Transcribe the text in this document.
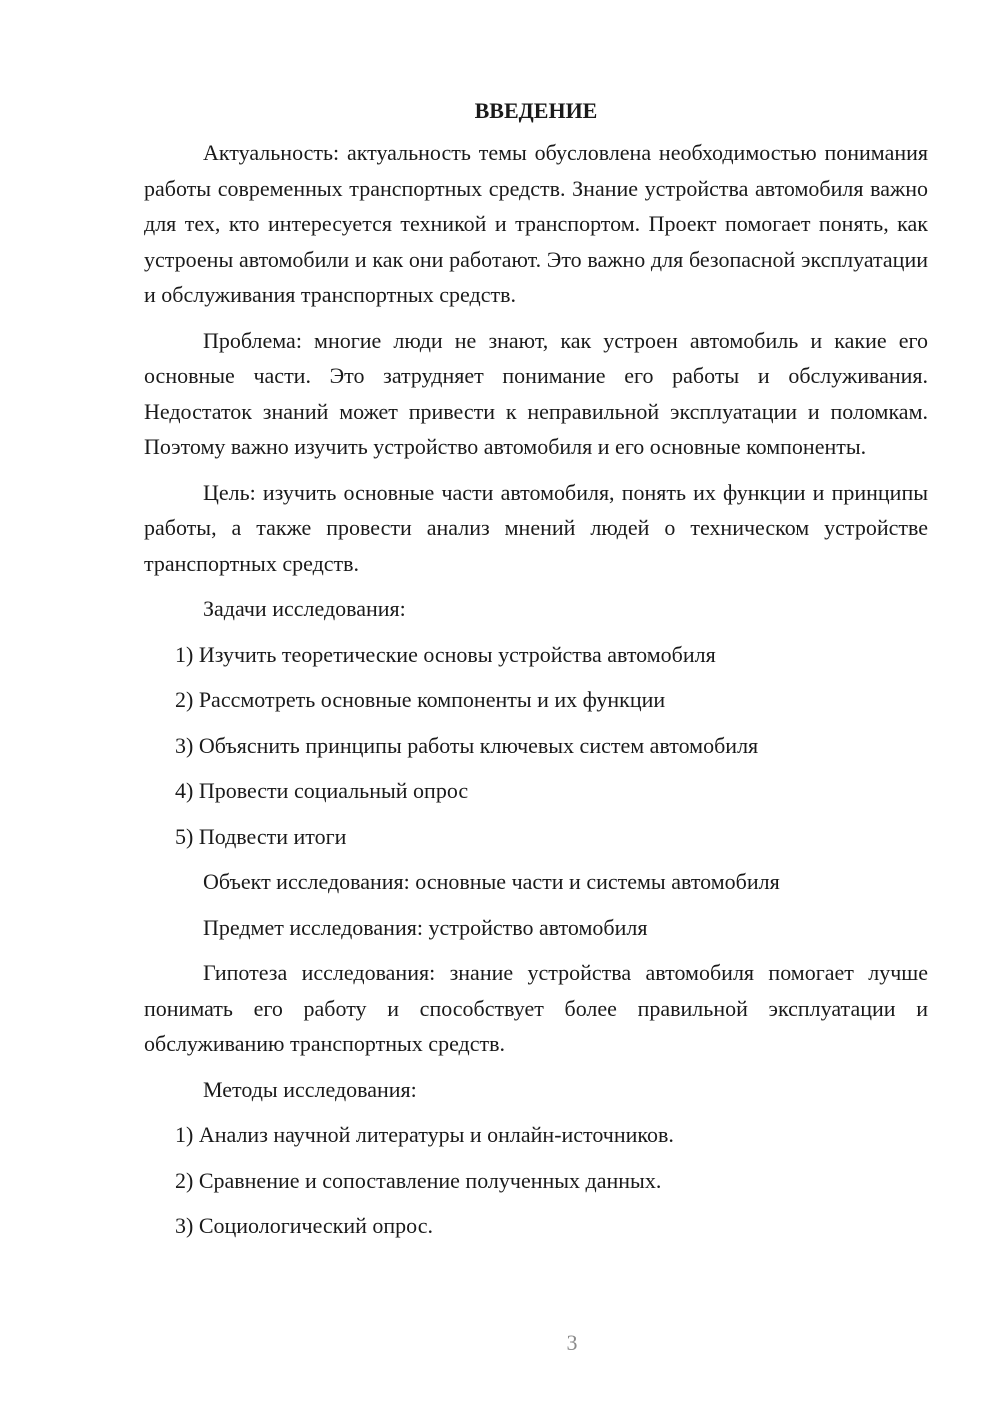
ВВЕДЕНИЕ

Актуальность: актуальность темы обусловлена необходимостью понимания работы современных транспортных средств. Знание устройства автомобиля важно для тех, кто интересуется техникой и транспортом. Проект помогает понять, как устроены автомобили и как они работают. Это важно для безопасной эксплуатации и обслуживания транспортных средств.

Проблема: многие люди не знают, как устроен автомобиль и какие его основные части. Это затрудняет понимание его работы и обслуживания. Недостаток знаний может привести к неправильной эксплуатации и поломкам. Поэтому важно изучить устройство автомобиля и его основные компоненты.

Цель: изучить основные части автомобиля, понять их функции и принципы работы, а также провести анализ мнений людей о техническом устройстве транспортных средств.

Задачи исследования:
1) Изучить теоретические основы устройства автомобиля
2) Рассмотреть основные компоненты и их функции
3) Объяснить принципы работы ключевых систем автомобиля
4) Провести социальный опрос
5) Подвести итоги
Объект исследования: основные части и системы автомобиля
Предмет исследования: устройство автомобиля

Гипотеза исследования: знание устройства автомобиля помогает лучше понимать его работу и способствует более правильной эксплуатации и обслуживанию транспортных средств.

Методы исследования:
1) Анализ научной литературы и онлайн-источников.
2) Сравнение и сопоставление полученных данных.
3) Социологический опрос.
3
